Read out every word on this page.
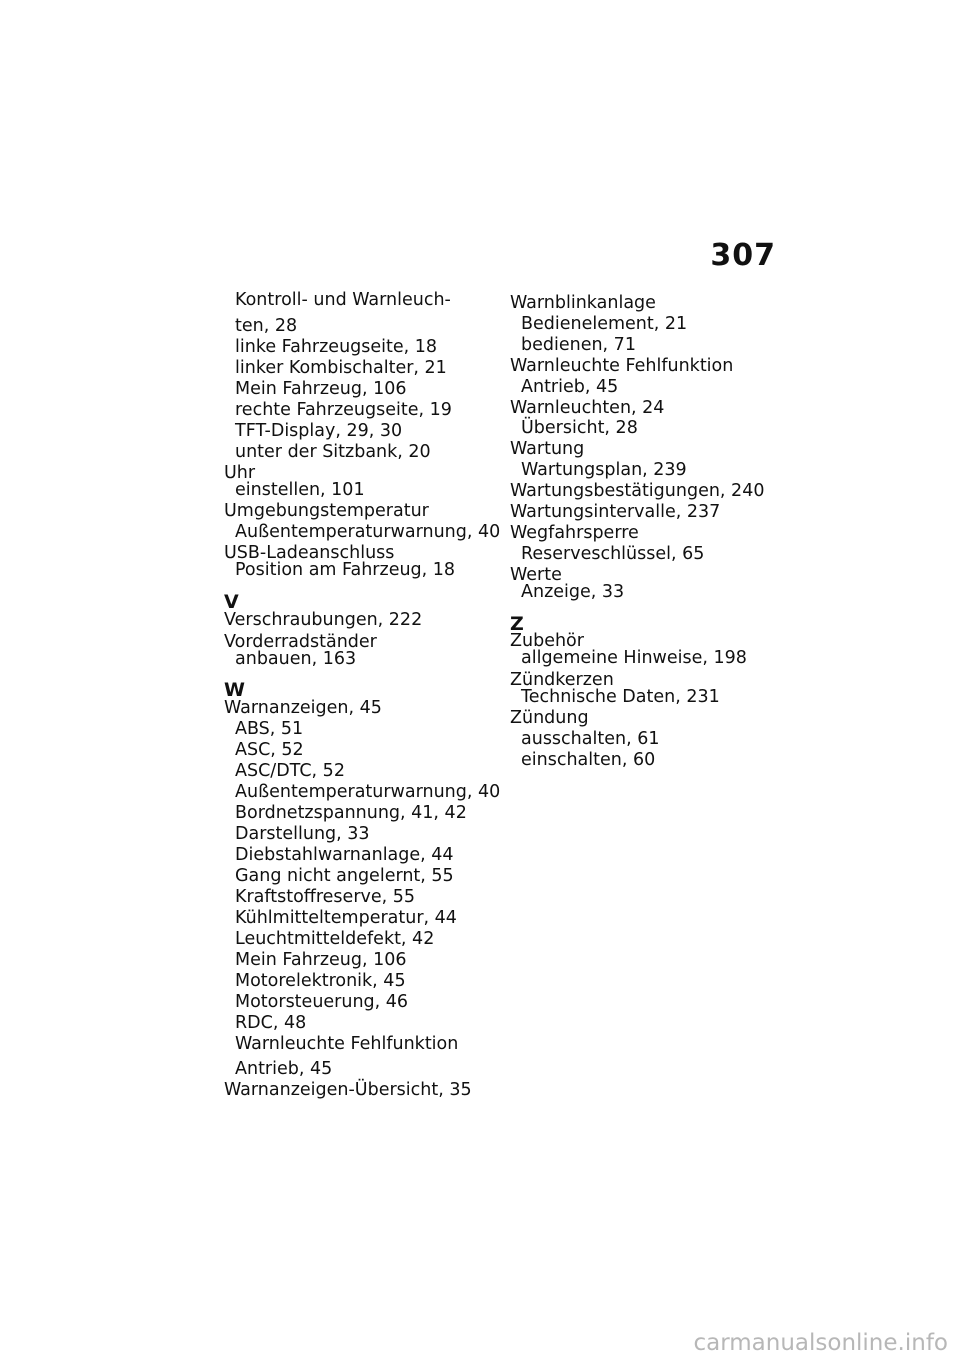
307
Kontroll- und Warnleuch-
ten, 28
linke Fahrzeugseite, 18
linker Kombischalter, 21
Mein Fahrzeug, 106
rechte Fahrzeugseite, 19
TFT-Display, 29, 30
unter der Sitzbank, 20
Uhr
einstellen, 101
Umgebungstemperatur
Außentemperaturwarnung, 40
USB-Ladeanschluss
Position am Fahrzeug, 18
V
Verschraubungen, 222
Vorderradständer
anbauen, 163
W
Warnanzeigen, 45
ABS, 51
ASC, 52
ASC/DTC, 52
Außentemperaturwarnung, 40
Bordnetzspannung, 41, 42
Darstellung, 33
Diebstahlwarnanlage, 44
Gang nicht angelernt, 55
Kraftstoffreserve, 55
Kühlmitteltemperatur, 44
Leuchtmitteldefekt, 42
Mein Fahrzeug, 106
Motorelektronik, 45
Motorsteuerung, 46
RDC, 48
Warnleuchte Fehlfunktion
Antrieb, 45
Warnanzeigen-Übersicht, 35
Warnblinkanlage
Bedienelement, 21
bedienen, 71
Warnleuchte Fehlfunktion
Antrieb, 45
Warnleuchten, 24
Übersicht, 28
Wartung
Wartungsplan, 239
Wartungsbestätigungen, 240
Wartungsintervalle, 237
Wegfahrsperre
Reserveschlüssel, 65
Werte
Anzeige, 33
Z
Zubehör
allgemeine Hinweise, 198
Zündkerzen
Technische Daten, 231
Zündung
ausschalten, 61
einschalten, 60
carmanualsonline.info
